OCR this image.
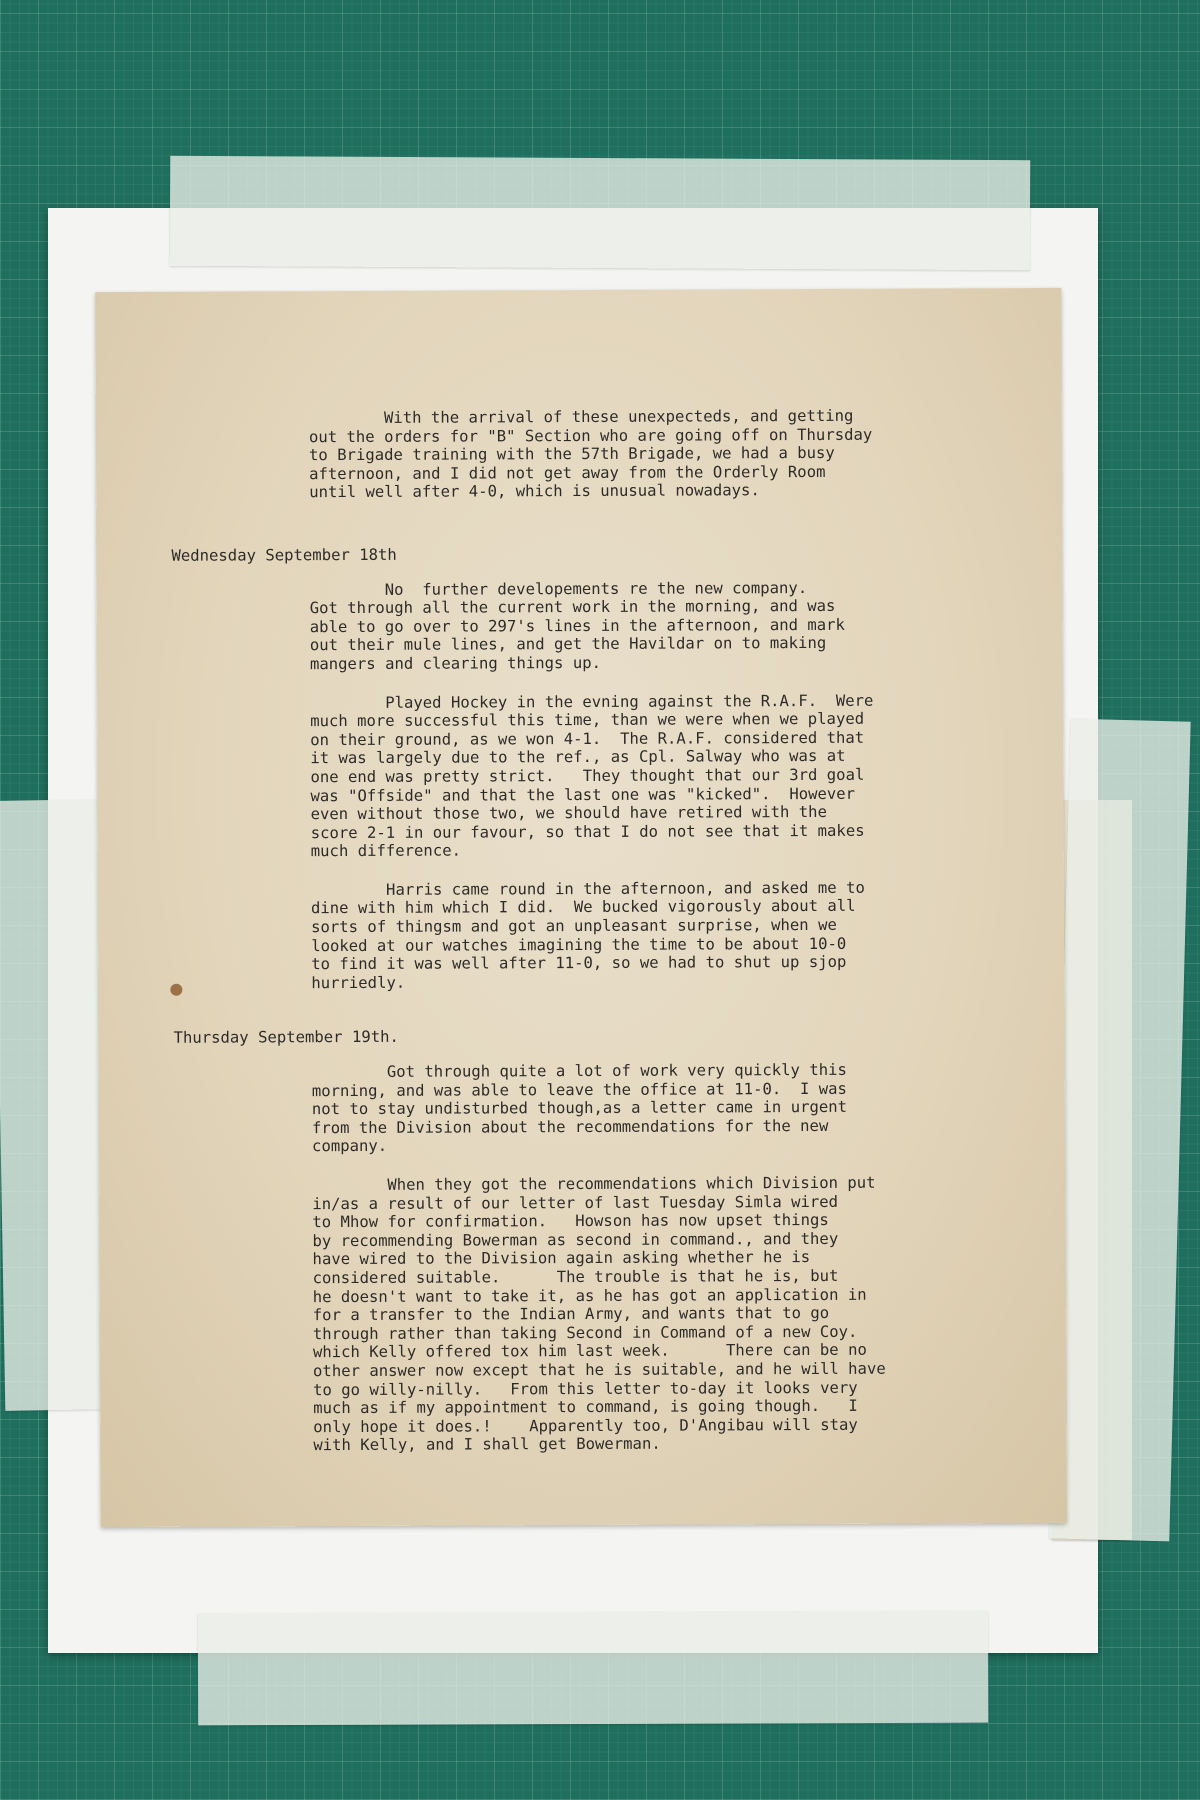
With the arrival of these unexpecteds, and getting
out the orders for "B" Section who are going off on Thursday
to Brigade training with the 57th Brigade, we had a busy
afternoon, and I did not get away from the Orderly Room
until well after 4-0, which is unusual nowadays.

Wednesday September 18th

No  further developements re the new company.
Got through all the current work in the morning, and was
able to go over to 297's lines in the afternoon, and mark
out their mule lines, and get the Havildar on to making
mangers and clearing things up.

Played Hockey in the evning against the R.A.F.  Were
much more successful this time, than we were when we played
on their ground, as we won 4-1.  The R.A.F. considered that
it was largely due to the ref., as Cpl. Salway who was at
one end was pretty strict.   They thought that our 3rd goal
was "Offside" and that the last one was "kicked".  However
even without those two, we should have retired with the
score 2-1 in our favour, so that I do not see that it makes
much difference.

Harris came round in the afternoon, and asked me to
dine with him which I did.  We bucked vigorously about all
sorts of thingsm and got an unpleasant surprise, when we
looked at our watches imagining the time to be about 10-0
to find it was well after 11-0, so we had to shut up sjop
hurriedly.

Thursday September 19th.

Got through quite a lot of work very quickly this
morning, and was able to leave the office at 11-0.  I was
not to stay undisturbed though,as a letter came in urgent
from the Division about the recommendations for the new
company.

When they got the recommendations which Division put
in/as a result of our letter of last Tuesday Simla wired
to Mhow for confirmation.   Howson has now upset things
by recommending Bowerman as second in command., and they
have wired to the Division again asking whether he is
considered suitable.      The trouble is that he is, but
he doesn't want to take it, as he has got an application in
for a transfer to the Indian Army, and wants that to go
through rather than taking Second in Command of a new Coy.
which Kelly offered tox him last week.      There can be no
other answer now except that he is suitable, and he will have
to go willy-nilly.   From this letter to-day it looks very
much as if my appointment to command, is going though.   I
only hope it does.!    Apparently too, D'Angibau will stay
with Kelly, and I shall get Bowerman.
